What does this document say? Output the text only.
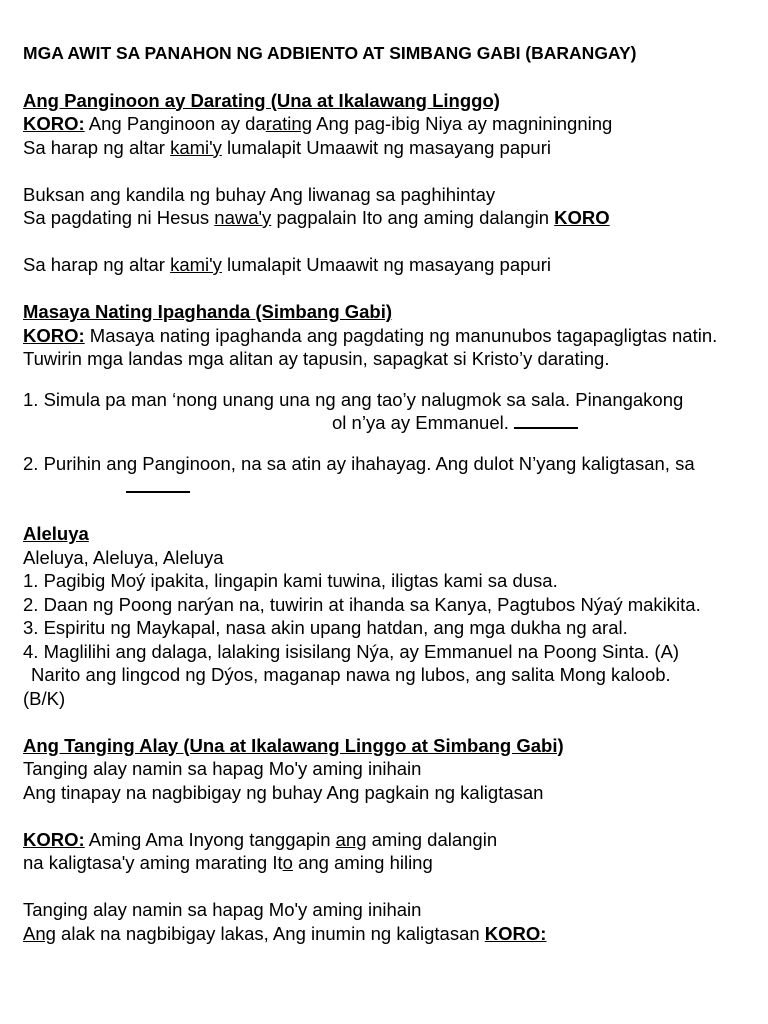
MGA AWIT SA PANAHON NG ADBIENTO AT SIMBANG GABI (BARANGAY)
Ang Panginoon ay Darating (Una at Ikalawang Linggo)
KORO: Ang Panginoon ay darating Ang pag-ibig Niya ay magniningning
Sa harap ng altar kami'y lumalapit Umaawit ng masayang papuri
Buksan ang kandila ng buhay Ang liwanag sa paghihintay
Sa pagdating ni Hesus nawa'y pagpalain Ito ang aming dalangin KORO
Sa harap ng altar kami'y lumalapit Umaawit ng masayang papuri
Masaya Nating Ipaghanda (Simbang Gabi)
KORO: Masaya nating ipaghanda ang pagdating ng manunubos tagapagligtas natin. Tuwirin mga landas mga alitan ay tapusin, sapagkat si Kristo’y darating.
1. Simula pa man ‘nong unang una ng ang tao’y nalugmok sa sala. Pinangakong
ol n’ya ay Emmanuel.
2. Purihin ang Panginoon, na sa atin ay ihahayag. Ang dulot N’yang kaligtasan, sa
Aleluya
Aleluya, Aleluya, Aleluya
1. Pagibig Moý ipakita, lingapin kami tuwina, iligtas kami sa dusa.
2. Daan ng Poong narýan na, tuwirin at ihanda sa Kanya, Pagtubos Nýaý makikita.
3. Espiritu ng Maykapal, nasa akin upang hatdan, ang mga dukha ng aral.
4. Maglilihi ang dalaga, lalaking isisilang Nýa, ay Emmanuel na Poong Sinta. (A)
Narito ang lingcod ng Dýos, maganap nawa ng lubos, ang salita Mong kaloob.
(B/K)
Ang Tanging Alay (Una at Ikalawang Linggo at Simbang Gabi)
Tanging alay namin sa hapag Mo'y aming inihain
Ang tinapay na nagbibigay ng buhay Ang pagkain ng kaligtasan
KORO: Aming Ama Inyong tanggapin ang aming dalangin
na kaligtasa'y aming marating Ito ang aming hiling
Tanging alay namin sa hapag Mo'y aming inihain
Ang alak na nagbibigay lakas, Ang inumin ng kaligtasan KORO:
